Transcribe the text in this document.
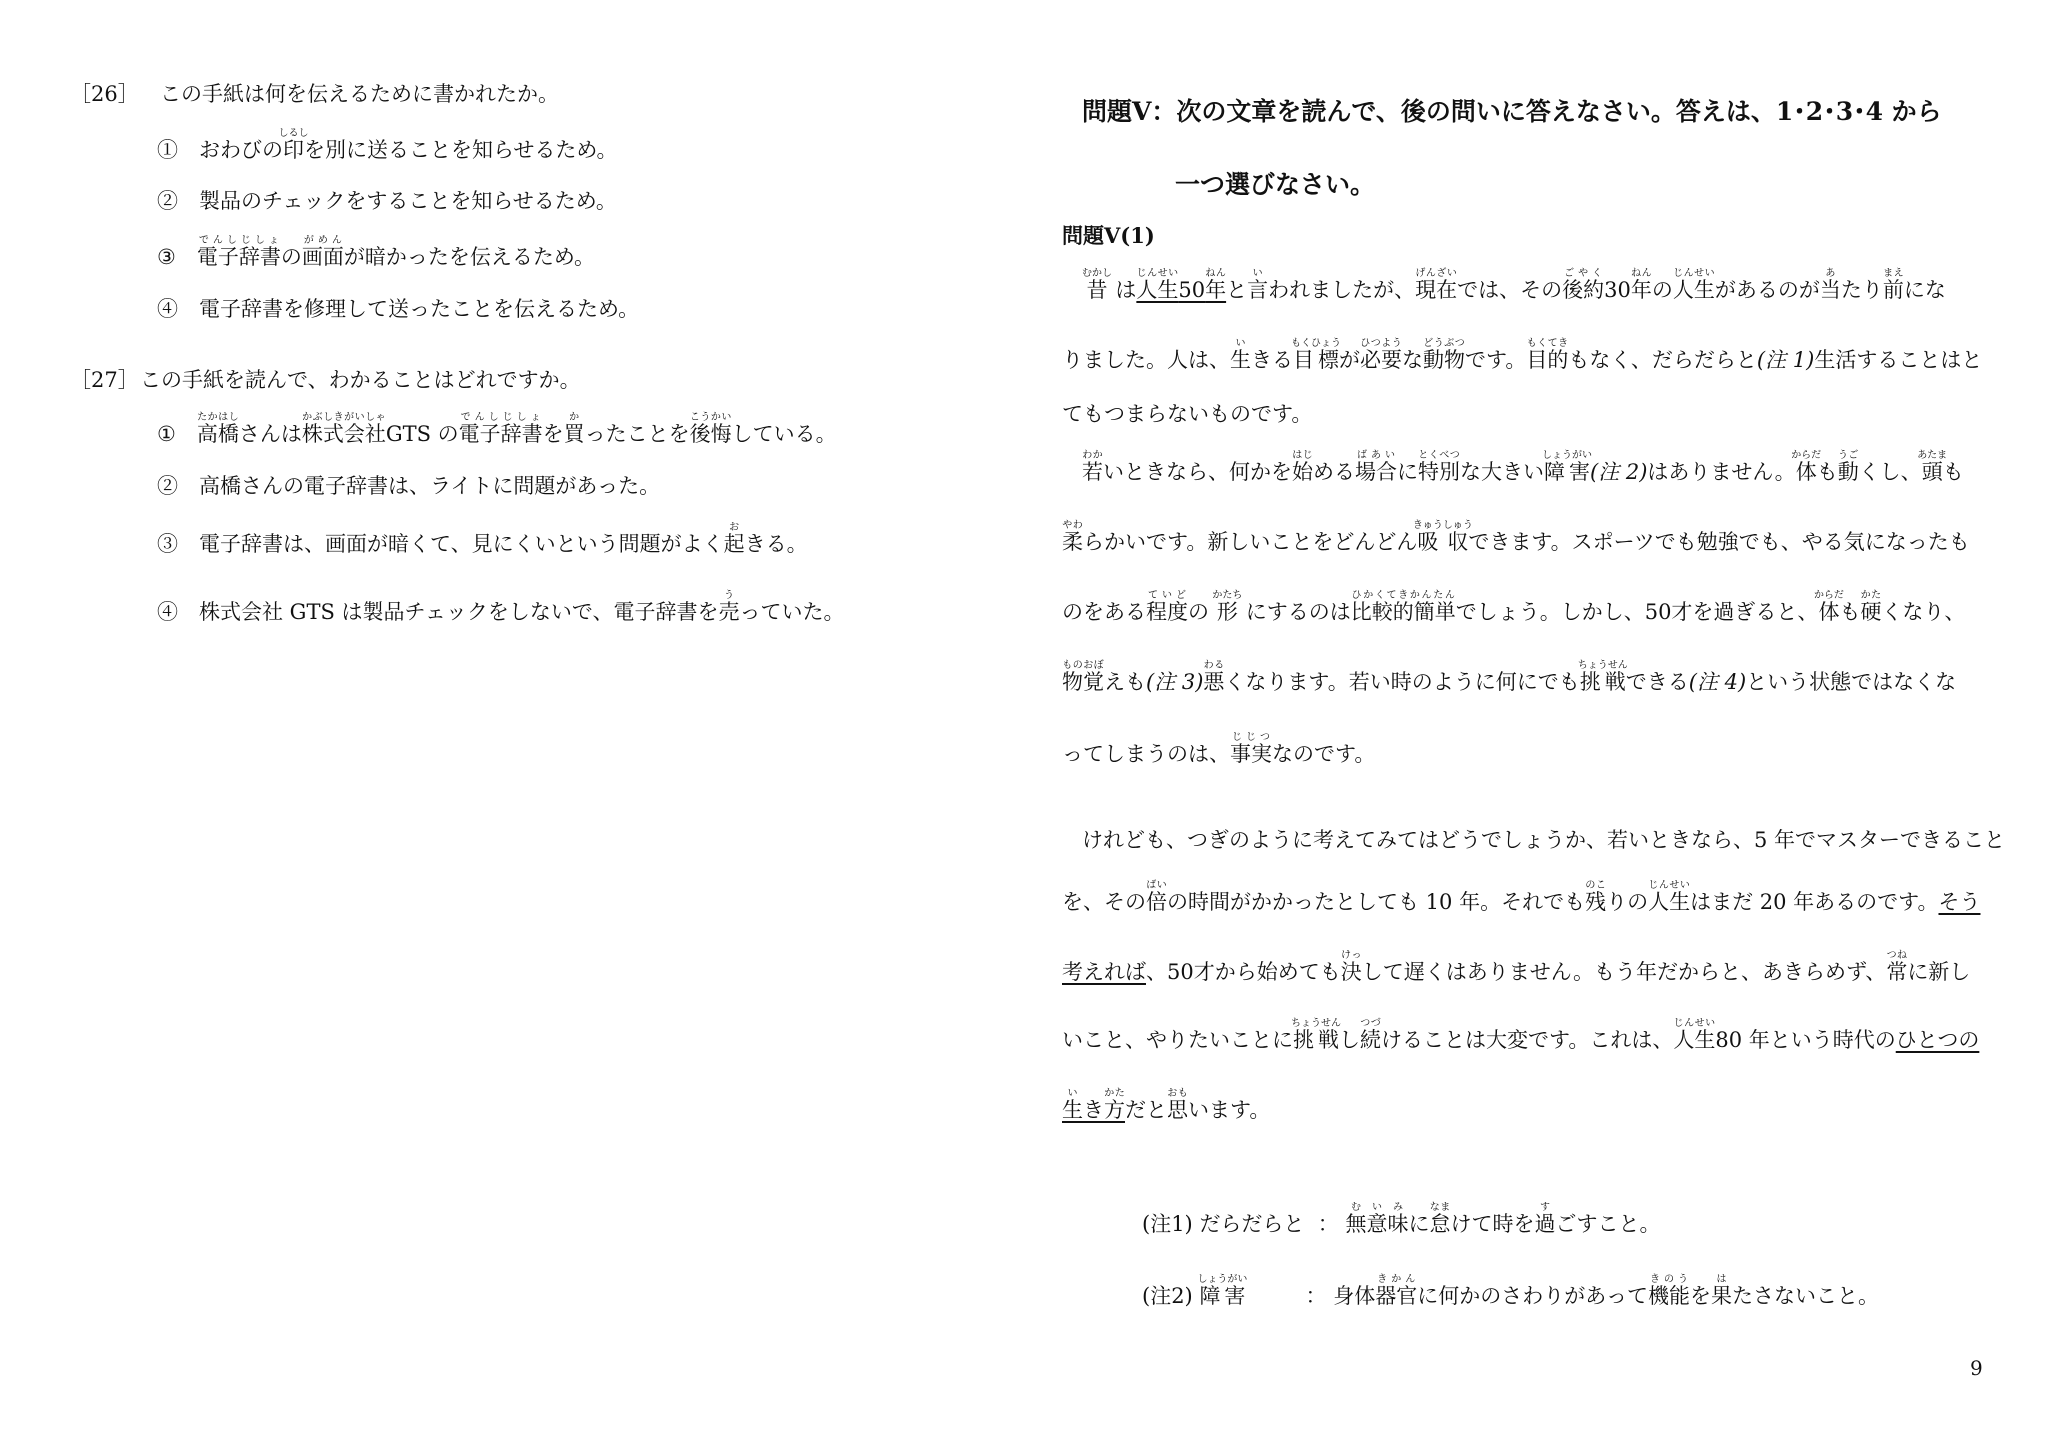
［26］ この手紙は何を伝えるために書かれたか。
①　 おわびの印しるしを別に送ることを知らせるため。
②　 製品のチェックをすることを知らせるため。
③　 電子辞書でんしじしょの画面がめんが暗かったを伝えるため。
④　 電子辞書を修理して送ったことを伝えるため。
［27］ この手紙を読んで、わかることはどれですか。
①　 高橋たかはしさんは株式会社かぶしきがいしゃGTS の電子辞書でんしじしょを買かったことを後悔こうかいしている。
②　 高橋さんの電子辞書は、ライトに問題があった。
③　 電子辞書は、画面が暗くて、見にくいという問題がよく起おきる。
④　 株式会社 GTS は製品チェックをしないで、電子辞書を売うっていた。
問題Ⅴ：次の文章を読んで、後の問いに答えなさい。答えは、1･2･3･4 から
一つ選びなさい。
問題Ⅴ(1)
昔むかし は人生じんせい50年ねんと言いわれましたが、現在げんざいでは、その後約ごやく30年ねんの人生じんせいがあるのが当あたり前まえにな
りました。人は、生いきる目標もくひょうが必要ひつような動物どうぶつです。目的もくてきもなく、だらだらと(注 1)生活することはと
てもつまらないものです。
若わかいときなら、何かを始はじめる場合ばあいに特別とくべつな大きい障害しょうがい(注 2)はありません。体からだも動うごくし、頭あたまも
柔やわらかいです。新しいことをどんどん吸収きゅうしゅうできます。スポーツでも勉強でも、やる気になったも
のをある程度ていどの 形かたち にするのは比較的簡単ひかくてきかんたんでしょう。しかし、50才を過ぎると、体からだも硬かたくなり、
物覚ものおぼえも(注 3)悪わるくなります。若い時のように何にでも挑戦ちょうせんできる(注 4)という状態ではなくな
ってしまうのは、事実じじつなのです。
けれども、つぎのように考えてみてはどうでしょうか、若いときなら、5 年でマスターできること
を、その倍ばいの時間がかかったとしても 10 年。それでも残のこりの人生じんせいはまだ 20 年あるのです。そう
考えれば、50才から始めても決けっして遅くはありません。もう年だからと、あきらめず、常つねに新し
いこと、やりたいことに挑戦ちょうせんし続つづけることは大変です。これは、人生じんせい80 年という時代のひとつの
生いき方かただと思おもいます。
(注1) だらだらと ： 無意味むいみに怠なまけて時を過すごすこと。
(注2) 障害しょうがい         ： 身体器官きかんに何かのさわりがあって機能きのうを果はたさないこと。
9
